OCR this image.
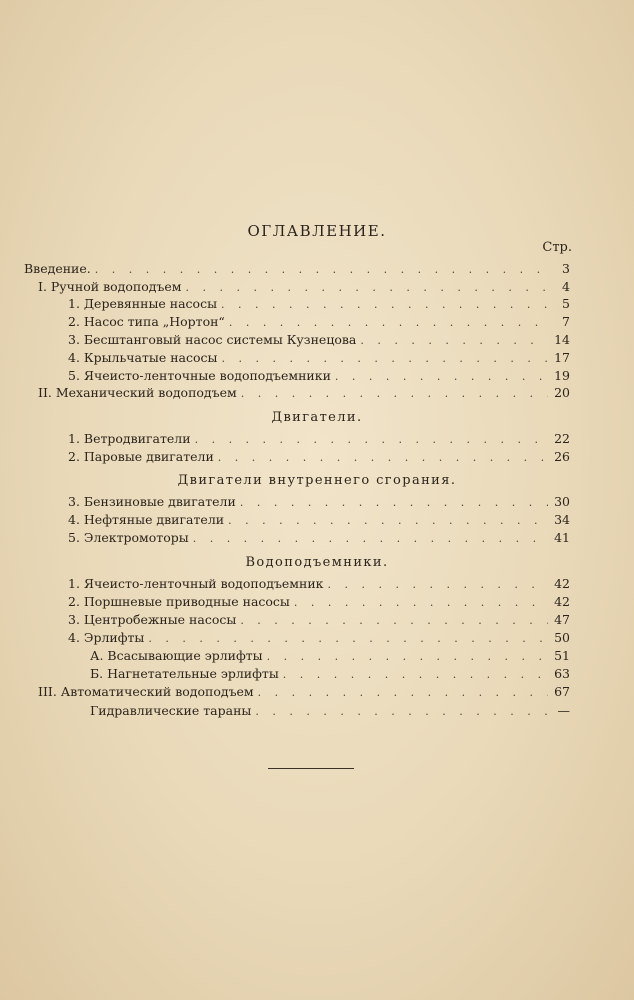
ОГЛАВЛЕНИЕ.
Стр.
Введение. . . .	3
I. Ручной водоподъем . . .	4
1. Деревянные насосы . . .	5
2. Насос типа „Нортон“ . . .	7
3. Бесштанговый насос системы Кузнецова . . .	14
4. Крыльчатые насосы . . .	17
5. Ячеисто-ленточные водоподъемники . . .	19
II. Механический водоподъем . . .	20
Двигатели.
1. Ветродвигатели . . .	22
2. Паровые двигатели . . .	26
Двигатели внутреннего сгорания.
3. Бензиновые двигатели . . .	30
4. Нефтяные двигатели . . .	34
5. Электромоторы . . .	41
Водоподъемники.
1. Ячеисто-ленточный водоподъемник . . .	42
2. Поршневые приводные насосы . . .	42
3. Центробежные насосы . . .	47
4. Эрлифты . . .	50
А. Всасывающие эрлифты . . .	51
Б. Нагнетательные эрлифты . . .	63
III. Автоматический водоподъем . . .	67
Гидравлические тараны . . .	—
